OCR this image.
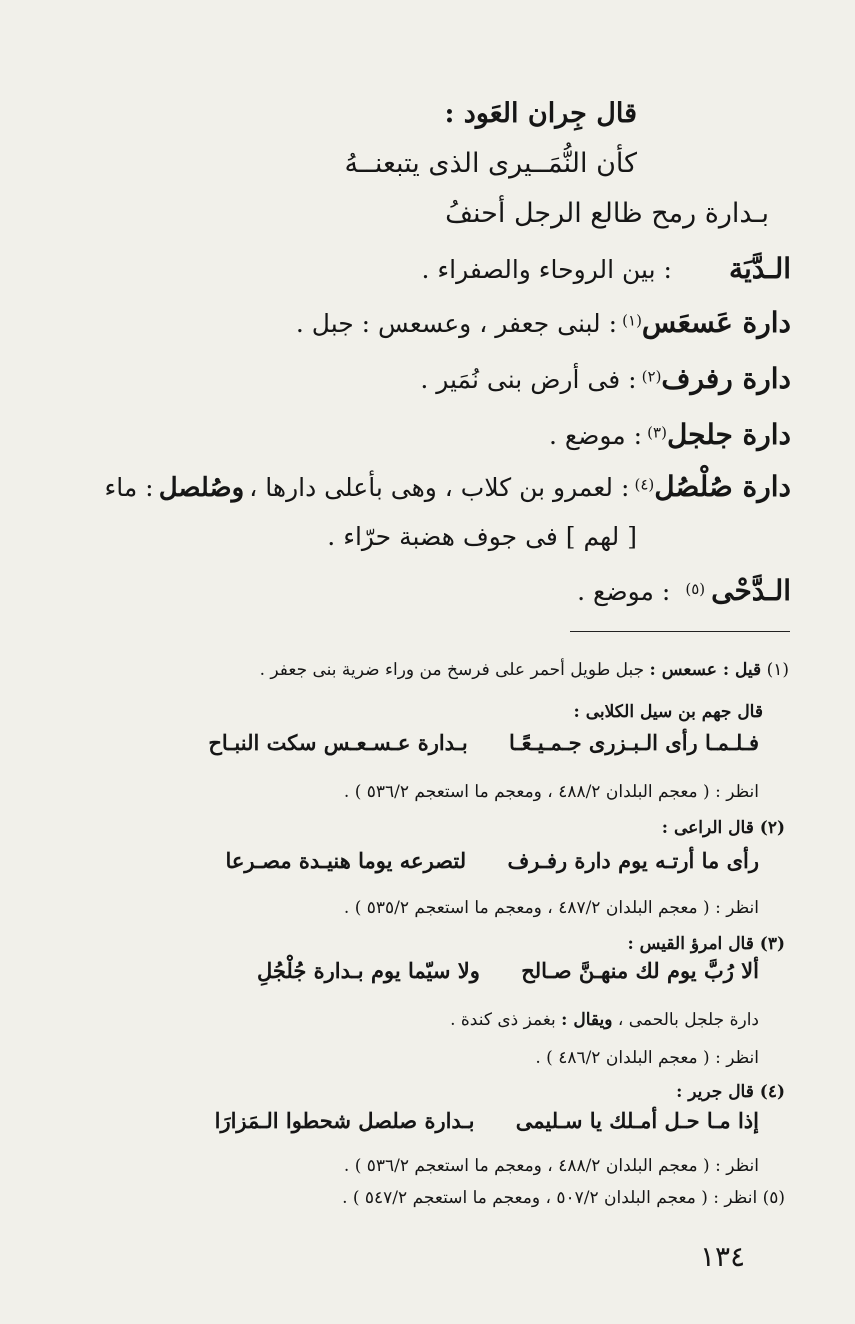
قال جِران العَود :
كأن النُّمَــيرى الذى يتبعنــهُ
بـدارة رمح ظالع الرجل أحنفُ
الـدَّيَة : بين الروحاء والصفراء .
دارة عَسعَس(١) : لبنى جعفر ، وعسعس : جبل .
دارة رفرف(٢) : فى أرض بنى نُمَير .
دارة جلجل(٣) : موضع .
دارة صُلْصُل(٤) : لعمرو بن كلاب ، وهى بأعلى دارها ، وصُلصل : ماء
[ لهم ] فى جوف هضبة حرّاء .
الـدَّحْى(٥) : موضع .
(١) قيل : عسعس : جبل طويل أحمر على فرسخ من وراء ضرية بنى جعفر .
قال جهم بن سيل الكلابى :
فـلـمـا رأى الـبـزرى جـمـيـعًـا بـدارة عـسـعـس سكت النبـاح
انظر : ( معجم البلدان ٤٨٨/٢ ، ومعجم ما استعجم ٥٣٦/٢ ) .
(٢) قال الراعى :
رأى ما أرتـه يوم دارة رفـرف لتصرعه يوما هنيـدة مصـرعا
انظر : ( معجم البلدان ٤٨٧/٢ ، ومعجم ما استعجم ٥٣٥/٢ ) .
(٣) قال امرؤ القيس :
ألا رُبَّ يوم لك منهـنَّ صـالح ولا سيّما يوم بـدارة جُلْجُلِ
دارة جلجل بالحمى ، ويقال : بغمز ذى كندة .
انظر : ( معجم البلدان ٤٨٦/٢ ) .
(٤) قال جرير :
إذا مـا حـل أمـلك يا سـليمى بـدارة صلصل شحطوا الـمَزارَا
انظر : ( معجم البلدان ٤٨٨/٢ ، ومعجم ما استعجم ٥٣٦/٢ ) .
(٥) انظر : ( معجم البلدان ٥٠٧/٢ ، ومعجم ما استعجم ٥٤٧/٢ ) .
١٣٤
